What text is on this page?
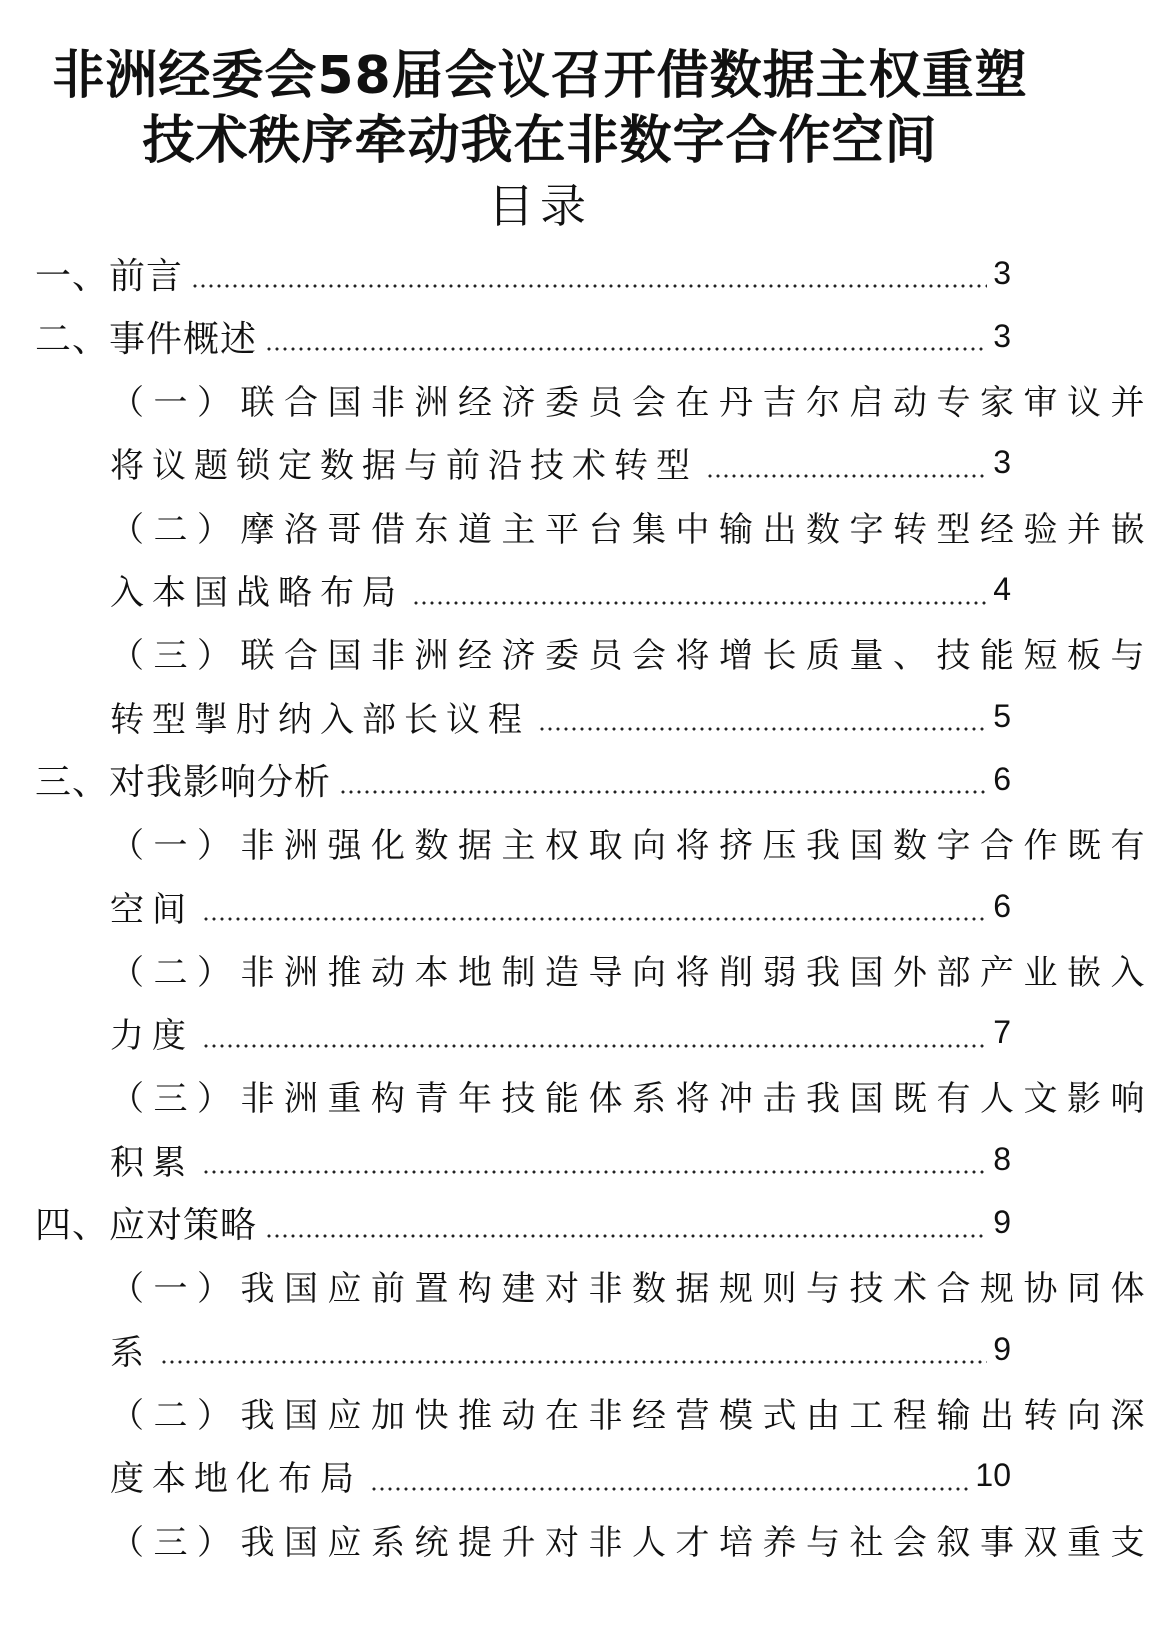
非洲经委会58届会议召开借数据主权重塑
技术秩序牵动我在非数字合作空间
目录
一、前言	3
二、事件概述	3
（一）联合国非洲经济委员会在丹吉尔启动专家审议并
将议题锁定数据与前沿技术转型	3
（二）摩洛哥借东道主平台集中输出数字转型经验并嵌
入本国战略布局	4
（三）联合国非洲经济委员会将增长质量、技能短板与
转型掣肘纳入部长议程	5
三、对我影响分析	6
（一）非洲强化数据主权取向将挤压我国数字合作既有
空间	6
（二）非洲推动本地制造导向将削弱我国外部产业嵌入
力度	7
（三）非洲重构青年技能体系将冲击我国既有人文影响
积累	8
四、应对策略	9
（一）我国应前置构建对非数据规则与技术合规协同体
系	9
（二）我国应加快推动在非经营模式由工程输出转向深
度本地化布局	10
（三）我国应系统提升对非人才培养与社会叙事双重支
